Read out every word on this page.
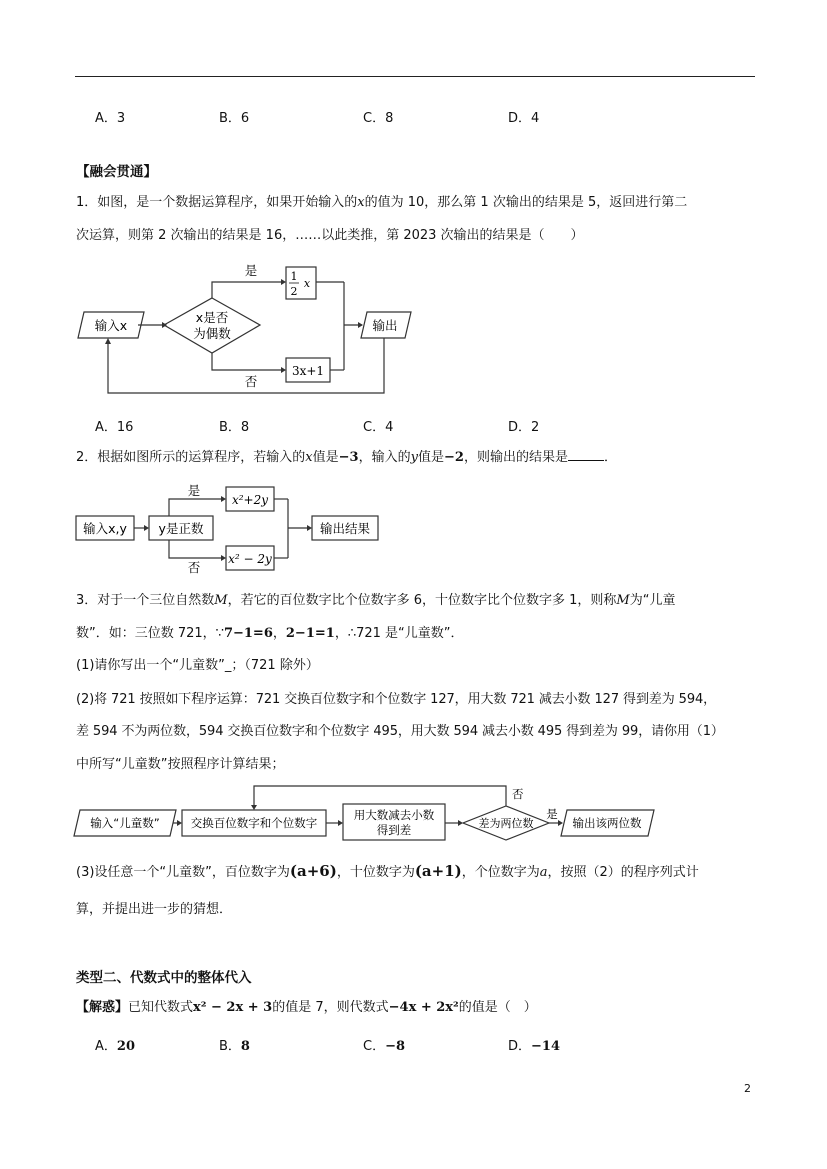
A．3	B．6	C．8	D．4
【融会贯通】
1．如图，是一个数据运算程序，如果开始输入的x的值为 10，那么第 1 次输出的结果是 5，返回进行第二
次运算，则第 2 次输出的结果是 16，……以此类推，第 2023 次输出的结果是（　　）
输入x
x是否
为偶数
是
否
1
2
x
3x+1
输出
A．16	B．8	C．4	D．2
2．根据如图所示的运算程序，若输入的x值是−3，输入的y值是−2，则输出的结果是	．
输入x,y	y是正数
是
否
x²+2y
x² − 2y
输出结果
3．对于一个三位自然数M，若它的百位数字比个位数字多 6，十位数字比个位数字多 1，则称M为“儿童
数”．如：三位数 721，∵7−1=6，2−1=1，∴721 是“儿童数”．
(1)请你写出一个“儿童数”_；（721 除外）
(2)将 721 按照如下程序运算：721 交换百位数字和个位数字 127，用大数 721 减去小数 127 得到差为 594，
差 594 不为两位数，594 交换百位数字和个位数字 495，用大数 594 减去小数 495 得到差为 99，请你用（1）
中所写“儿童数”按照程序计算结果；
输入“儿童数”	交换百位数字和个位数字
用大数减去小数
得到差	差为两位数
是
否
输出该两位数
(3)设任意一个“儿童数”，百位数字为(a+6)，十位数字为(a+1)，个位数字为a，按照（2）的程序列式计
算，并提出进一步的猜想．
类型二、代数式中的整体代入
【解惑】已知代数式x² − 2x + 3的值是 7，则代数式−4x + 2x²的值是（　）
A．20	B．8	C．−8	D．−14
2
